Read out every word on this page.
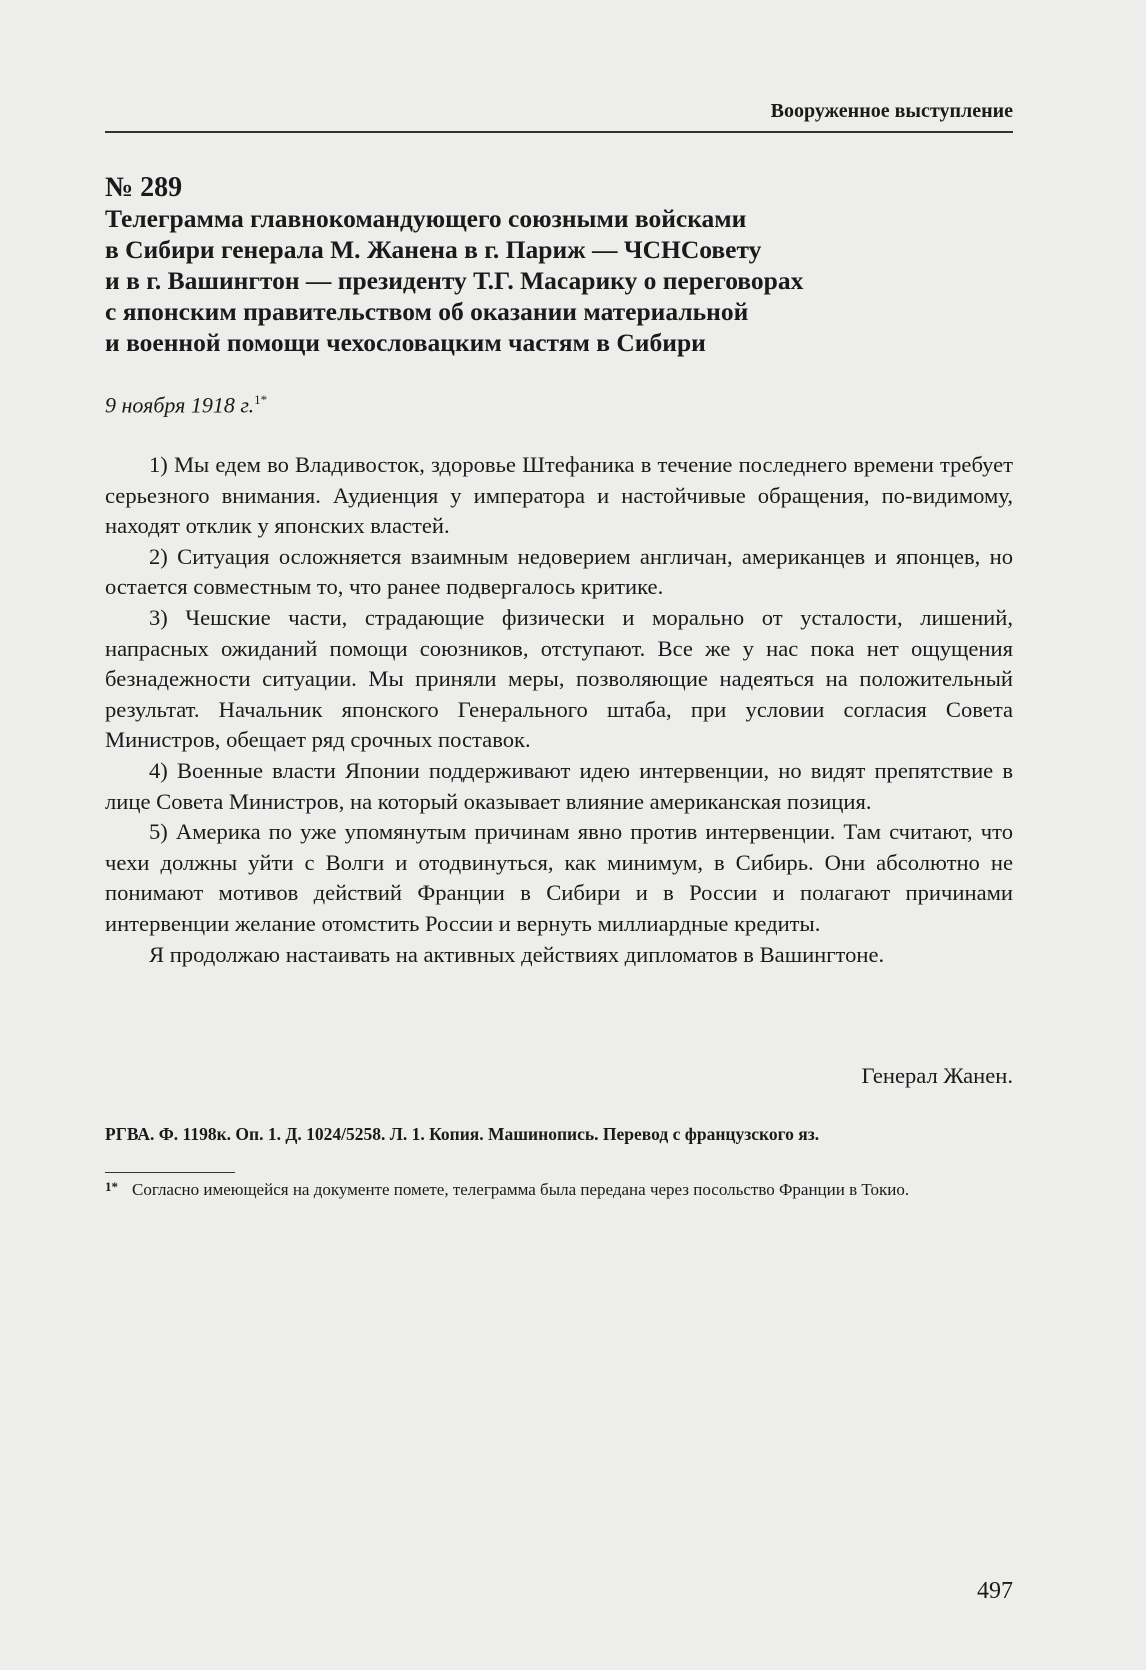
Вооруженное выступление
№ 289
Телеграмма главнокомандующего союзными войсками
в Сибири генерала М. Жанена в г. Париж — ЧСНСовету
и в г. Вашингтон — президенту Т.Г. Масарику о переговорах
с японским правительством об оказании материальной
и военной помощи чехословацким частям в Сибири
9 ноября 1918 г.$^{1*}$

1) Мы едем во Владивосток, здоровье Штефаника в течение последнего времени требует серьезного внимания. Аудиенция у императора и настойчивые обращения, по-видимому, находят отклик у японских властей.

2) Ситуация осложняется взаимным недоверием англичан, американцев и японцев, но остается совместным то, что ранее подвергалось критике.

3) Чешские части, страдающие физически и морально от усталости, лишений, напрасных ожиданий помощи союзников, отступают. Все же у нас пока нет ощущения безнадежности ситуации. Мы приняли меры, позволяющие надеяться на положительный результат. Начальник японского Генерального штаба, при условии согласия Совета Министров, обещает ряд срочных поставок.

4) Военные власти Японии поддерживают идею интервенции, но видят препятствие в лице Совета Министров, на который оказывает влияние американская позиция.

5) Америка по уже упомянутым причинам явно против интервенции. Там считают, что чехи должны уйти с Волги и отодвинуться, как минимум, в Сибирь. Они абсолютно не понимают мотивов действий Франции в Сибири и в России и полагают причинами интервенции желание отомстить России и вернуть миллиардные кредиты.

Я продолжаю настаивать на активных действиях дипломатов в Вашингтоне.

Генерал Жанен.
РГВА. Ф. 1198к. Оп. 1. Д. 1024/5258. Л. 1. Копия. Машинопись. Перевод с французского яз.
1* Согласно имеющейся на документе помете, телеграмма была передана через посольство Франции в Токио.
497
